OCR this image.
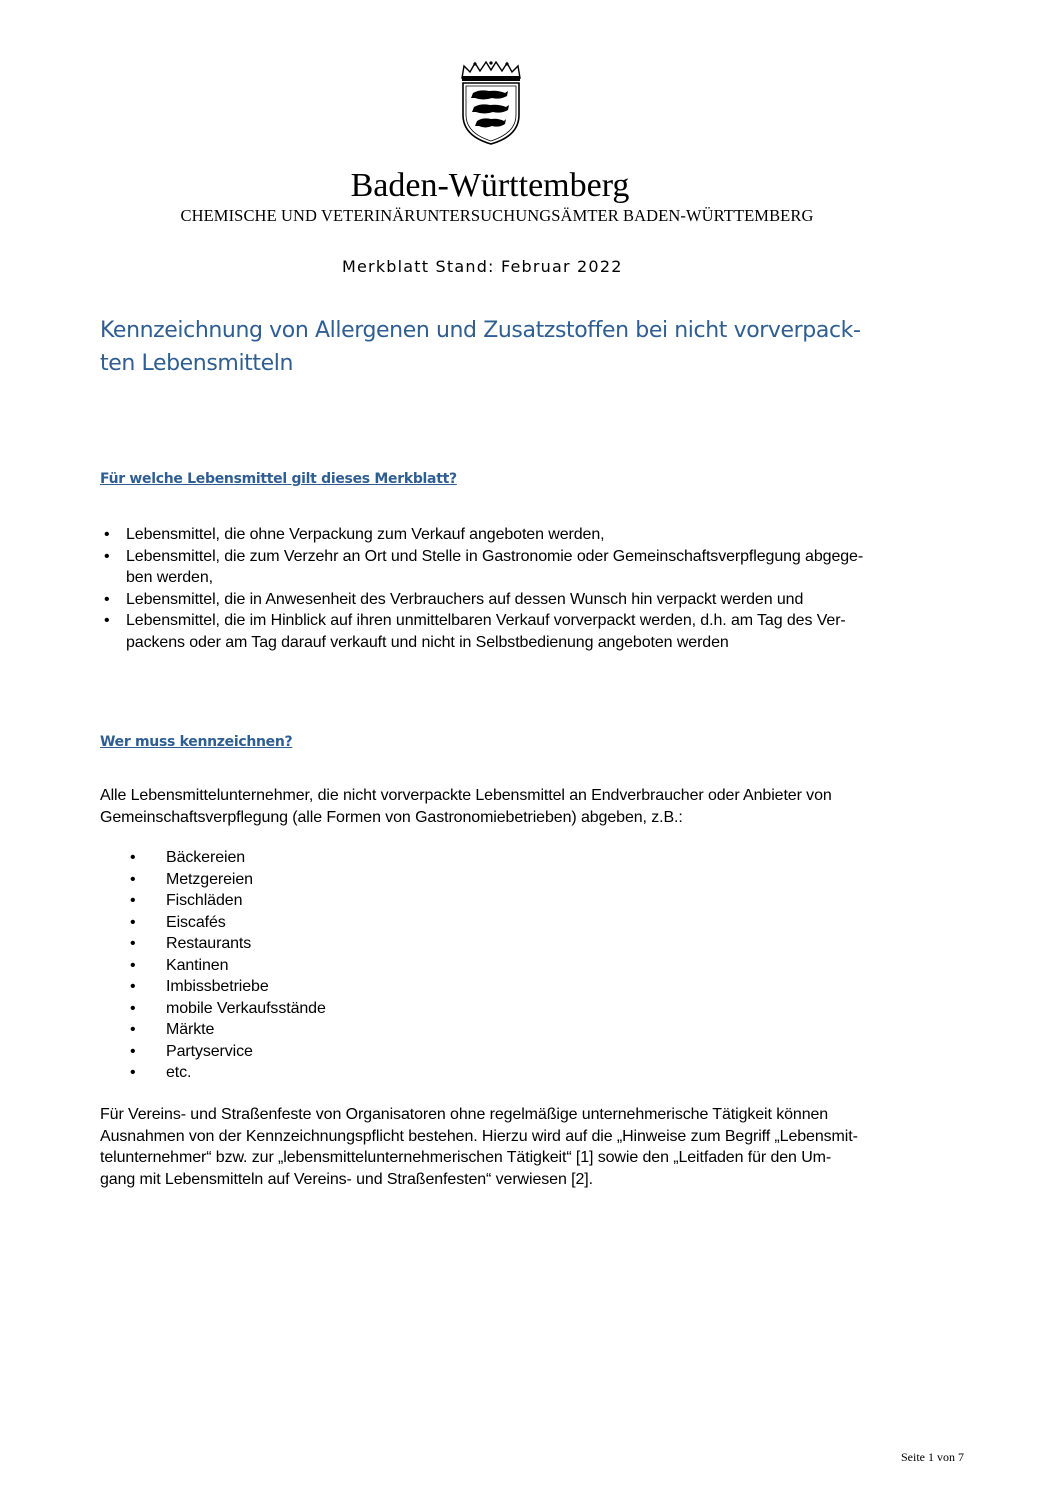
Baden-Württemberg
CHEMISCHE UND VETERINÄRUNTERSUCHUNGSÄMTER BADEN-WÜRTTEMBERG
Merkblatt Stand: Februar 2022
Kennzeichnung von Allergenen und Zusatzstoffen bei nicht vorverpack-
ten Lebensmitteln
Für welche Lebensmittel gilt dieses Merkblatt?
• Lebensmittel, die ohne Verpackung zum Verkauf angeboten werden,
• Lebensmittel, die zum Verzehr an Ort und Stelle in Gastronomie oder Gemeinschaftsverpflegung abgege-
ben werden,
• Lebensmittel, die in Anwesenheit des Verbrauchers auf dessen Wunsch hin verpackt werden und
• Lebensmittel, die im Hinblick auf ihren unmittelbaren Verkauf vorverpackt werden, d.h. am Tag des Ver-
packens oder am Tag darauf verkauft und nicht in Selbstbedienung angeboten werden
Wer muss kennzeichnen?
Alle Lebensmittelunternehmer, die nicht vorverpackte Lebensmittel an Endverbraucher oder Anbieter von
Gemeinschaftsverpflegung (alle Formen von Gastronomiebetrieben) abgeben, z.B.:
• Bäckereien
• Metzgereien
• Fischläden
• Eiscafés
• Restaurants
• Kantinen
• Imbissbetriebe
• mobile Verkaufsstände
• Märkte
• Partyservice
• etc.
Für Vereins- und Straßenfeste von Organisatoren ohne regelmäßige unternehmerische Tätigkeit können
Ausnahmen von der Kennzeichnungspflicht bestehen. Hierzu wird auf die „Hinweise zum Begriff „Lebensmit-
telunternehmer“ bzw. zur „lebensmittelunternehmerischen Tätigkeit“ [1] sowie den „Leitfaden für den Um-
gang mit Lebensmitteln auf Vereins- und Straßenfesten“ verwiesen [2].
Seite 1 von 7
